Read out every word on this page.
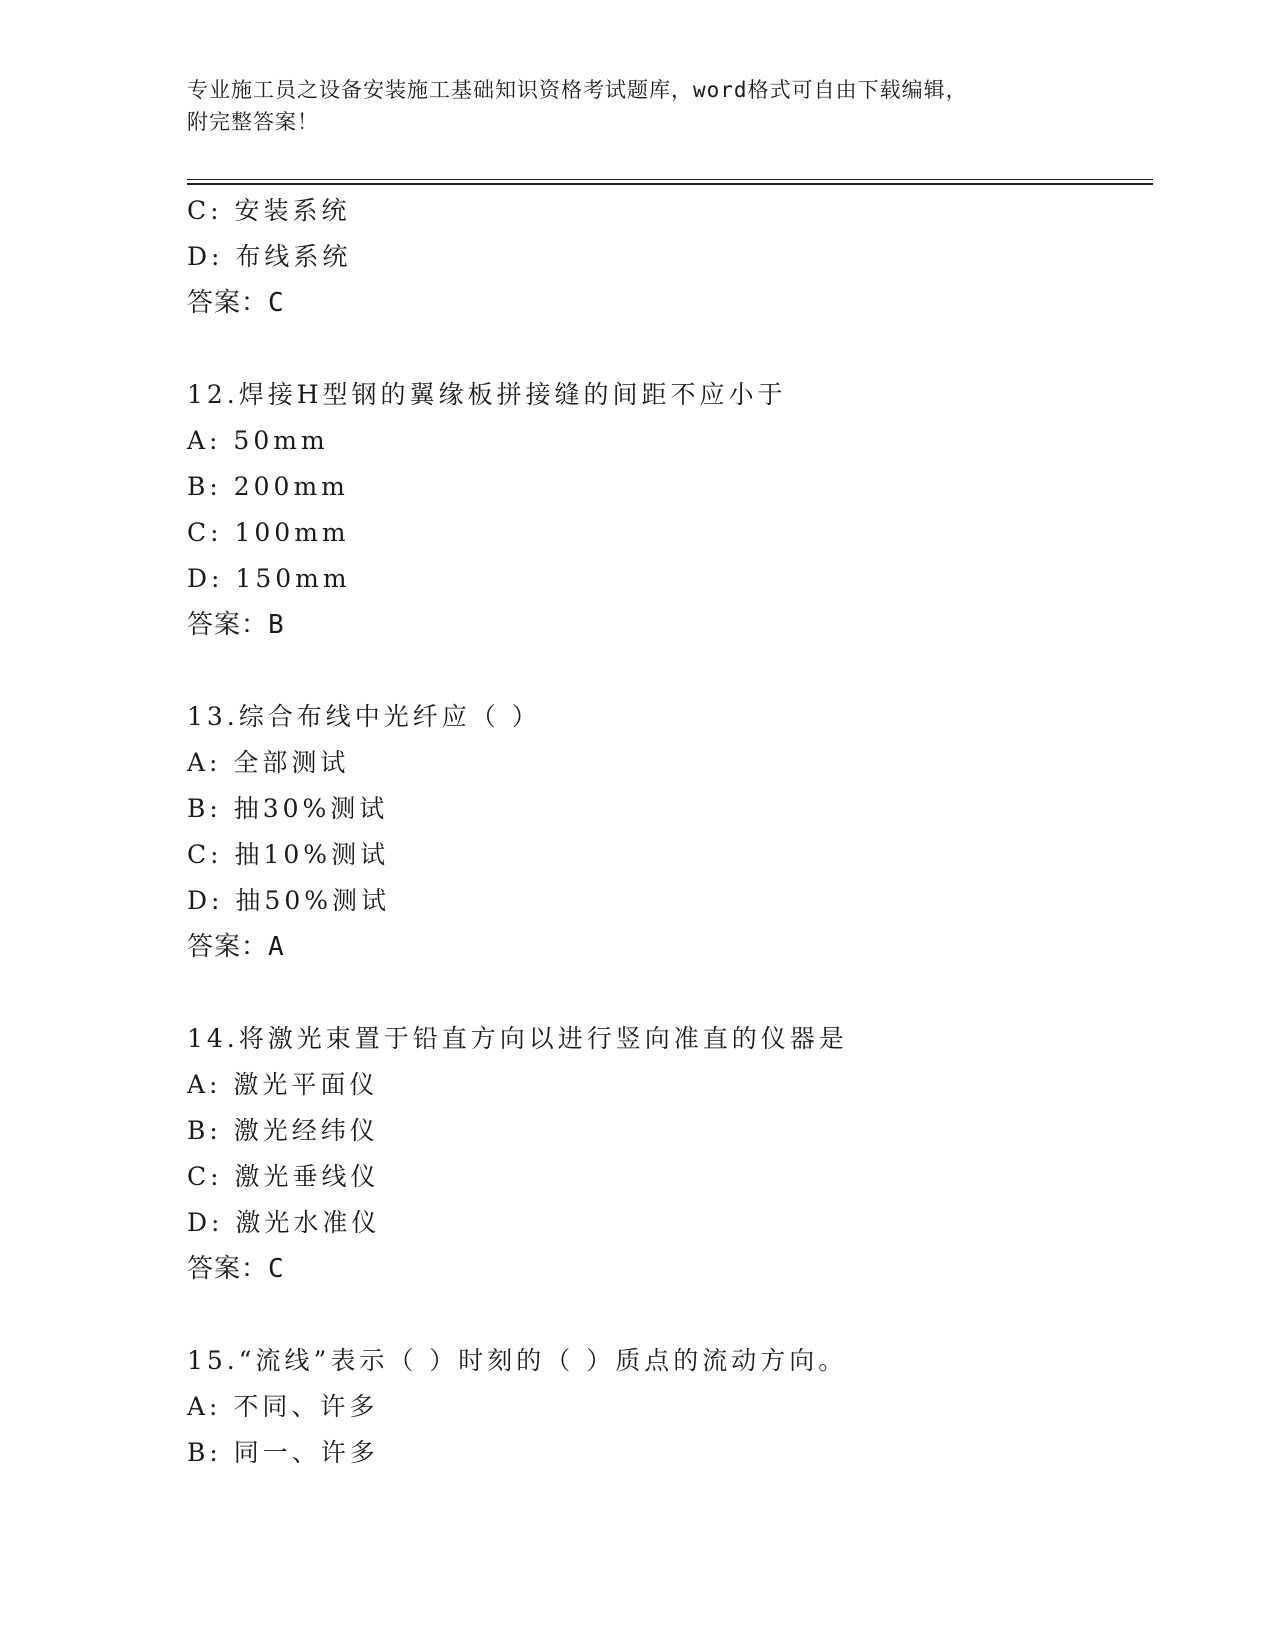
专业施工员之设备安装施工基础知识资格考试题库，word格式可自由下载编辑，
附完整答案！
C: 安装系统
D: 布线系统
答案：C
12.焊接H型钢的翼缘板拼接缝的间距不应小于
A: 50mm
B: 200mm
C: 100mm
D: 150mm
答案：B
13.综合布线中光纤应（ ）
A: 全部测试
B: 抽30%测试
C: 抽10%测试
D: 抽50%测试
答案：A
14.将激光束置于铅直方向以进行竖向准直的仪器是
A: 激光平面仪
B: 激光经纬仪
C: 激光垂线仪
D: 激光水准仪
答案：C
15.“流线”表示（ ）时刻的（ ）质点的流动方向。
A: 不同、许多
B: 同一、许多
